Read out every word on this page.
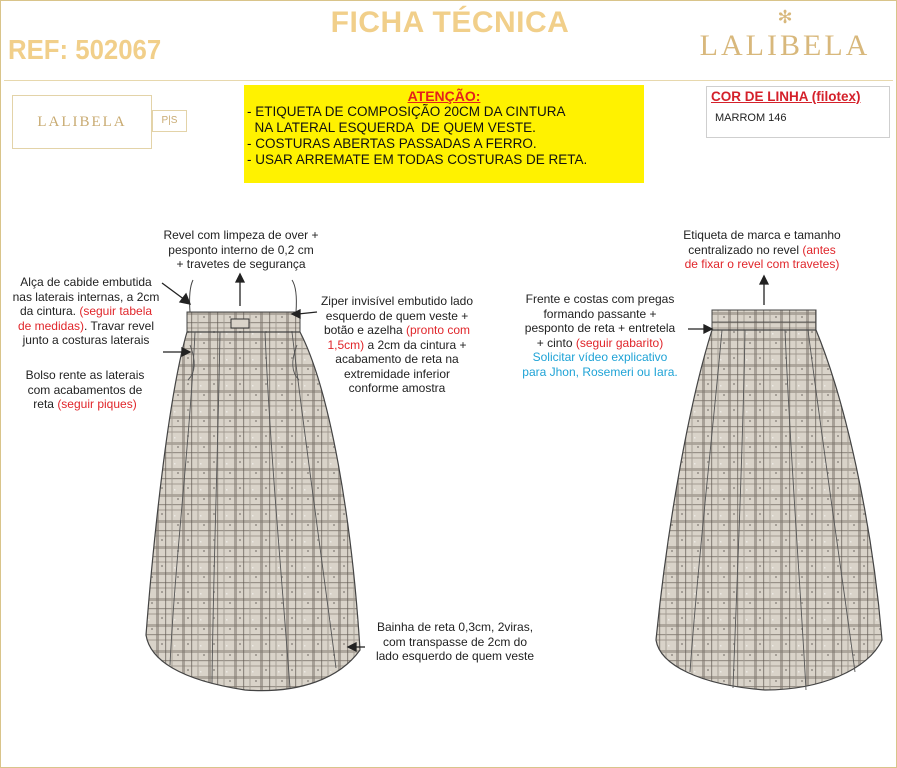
FICHA TÉCNICA
REF: 502067
✻
LALIBELA
LALIBELA	P|S
ATENÇÃO:
- ETIQUETA DE COMPOSIÇÃO 20CM DA CINTURA
NA LATERAL ESQUERDA  DE QUEM VESTE.
- COSTURAS ABERTAS PASSADAS A FERRO.
- USAR ARREMATE EM TODAS COSTURAS DE RETA.
COR DE LINHA (filotex)
MARROM 146
Revel com limpeza de over +
pesponto interno de 0,2 cm
+ travetes de segurança
Alça de cabide embutida
nas laterais internas, a 2cm
da cintura. (seguir tabela
de medidas). Travar revel
junto a costuras laterais
Bolso rente as laterais
com acabamentos de
reta (seguir piques)
Ziper invisível embutido lado
esquerdo de quem veste +
botão e azelha (pronto com
1,5cm) a 2cm da cintura +
acabamento de reta na
extremidade inferior
conforme amostra
Bainha de reta 0,3cm, 2viras,
com transpasse de 2cm do
lado esquerdo de quem veste
Etiqueta de marca e tamanho
centralizado no revel (antes
de fixar o revel com travetes)
Frente e costas com pregas
formando passante +
pesponto de reta + entretela
+ cinto (seguir gabarito)
Solicitar vídeo explicativo
para Jhon, Rosemeri ou Iara.
